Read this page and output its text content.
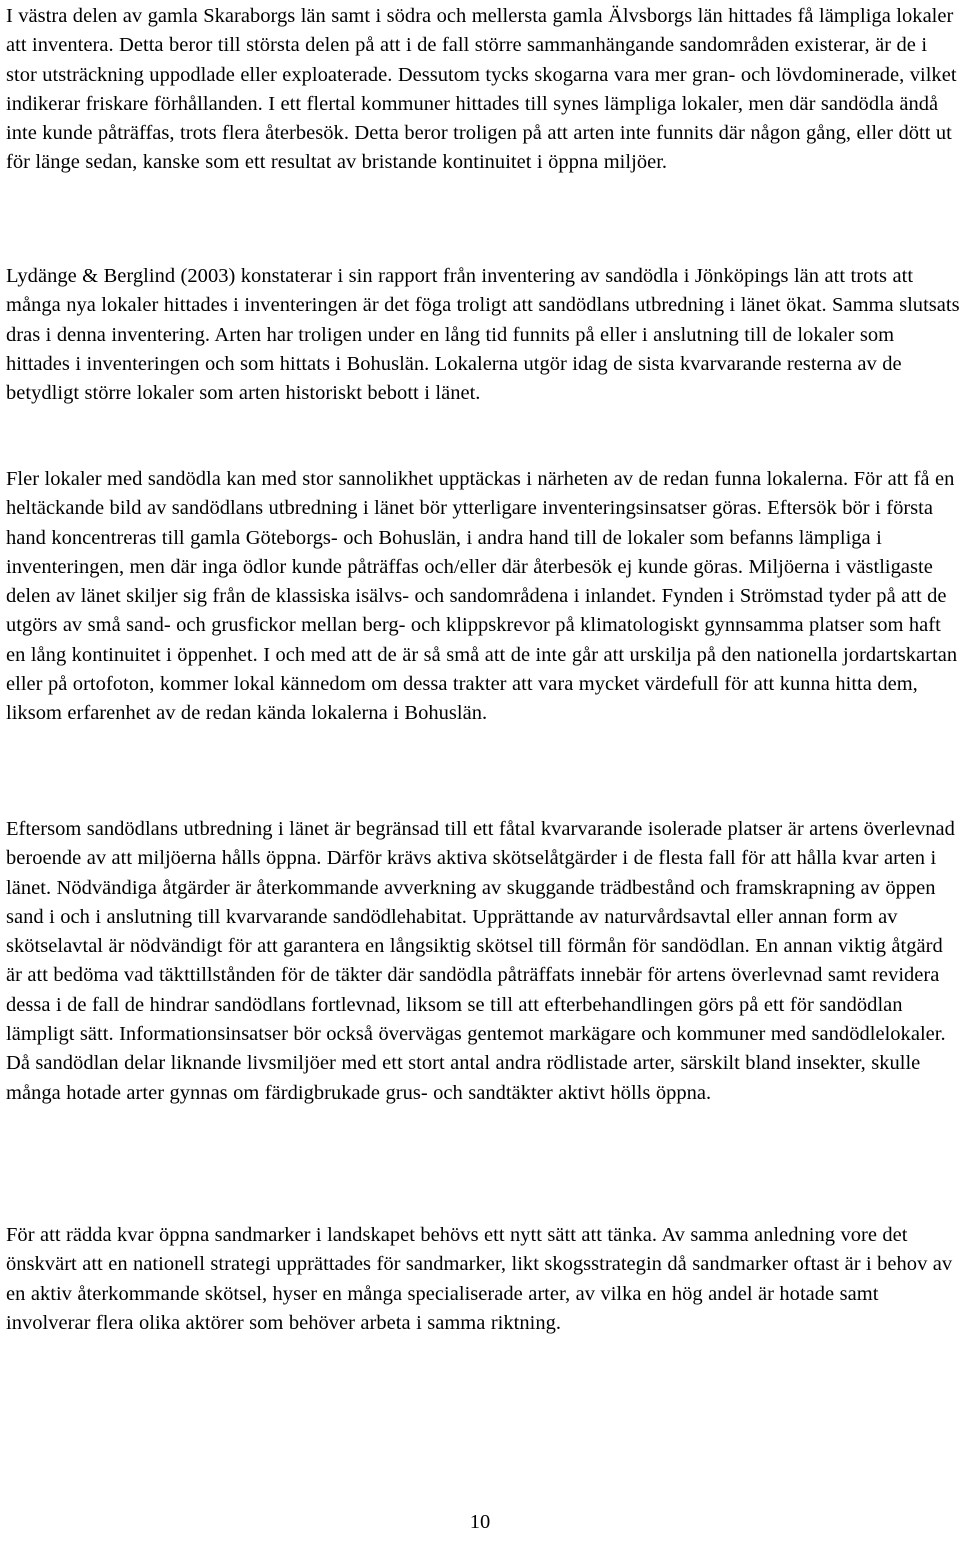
I västra delen av gamla Skaraborgs län samt i södra och mellersta gamla Älvsborgs län hittades få lämpliga lokaler att inventera. Detta beror till största delen på att i de fall större sammanhängande sandområden existerar, är de i stor utsträckning uppodlade eller exploaterade. Dessutom tycks skogarna vara mer gran- och lövdominerade, vilket indikerar friskare förhållanden. I ett flertal kommuner hittades till synes lämpliga lokaler, men där sandödla ändå inte kunde påträffas, trots flera återbesök. Detta beror troligen på att arten inte funnits där någon gång, eller dött ut för länge sedan, kanske som ett resultat av bristande kontinuitet i öppna miljöer.

Lydänge & Berglind (2003) konstaterar i sin rapport från inventering av sandödla i Jönköpings län att trots att många nya lokaler hittades i inventeringen är det föga troligt att sandödlans utbredning i länet ökat. Samma slutsats dras i denna inventering. Arten har troligen under en lång tid funnits på eller i anslutning till de lokaler som hittades i inventeringen och som hittats i Bohuslän. Lokalerna utgör idag de sista kvarvarande resterna av de betydligt större lokaler som arten historiskt bebott i länet.

Fler lokaler med sandödla kan med stor sannolikhet upptäckas i närheten av de redan funna lokalerna. För att få en heltäckande bild av sandödlans utbredning i länet bör ytterligare inventeringsinsatser göras. Eftersök bör i första hand koncentreras till gamla Göteborgs- och Bohuslän, i andra hand till de lokaler som befanns lämpliga i inventeringen, men där inga ödlor kunde påträffas och/eller där återbesök ej kunde göras. Miljöerna i västligaste delen av länet skiljer sig från de klassiska isälvs- och sandområdena i inlandet. Fynden i Strömstad tyder på att de utgörs av små sand- och grusfickor mellan berg- och klippskrevor på klimatologiskt gynnsamma platser som haft en lång kontinuitet i öppenhet. I och med att de är så små att de inte går att urskilja på den nationella jordartskartan eller på ortofoton, kommer lokal kännedom om dessa trakter att vara mycket värdefull för att kunna hitta dem, liksom erfarenhet av de redan kända lokalerna i Bohuslän.

Eftersom sandödlans utbredning i länet är begränsad till ett fåtal kvarvarande isolerade platser är artens överlevnad beroende av att miljöerna hålls öppna. Därför krävs aktiva skötselåtgärder i de flesta fall för att hålla kvar arten i länet. Nödvändiga åtgärder är återkommande avverkning av skuggande trädbestånd och framskrapning av öppen sand i och i anslutning till kvarvarande sandödlehabitat. Upprättande av naturvårdsavtal eller annan form av skötselavtal är nödvändigt för att garantera en långsiktig skötsel till förmån för sandödlan. En annan viktig åtgärd är att bedöma vad täkttillstånden för de täkter där sandödla påträffats innebär för artens överlevnad samt revidera dessa i de fall de hindrar sandödlans fortlevnad, liksom se till att efterbehandlingen görs på ett för sandödlan lämpligt sätt. Informationsinsatser bör också övervägas gentemot markägare och kommuner med sandödlelokaler. Då sandödlan delar liknande livsmiljöer med ett stort antal andra rödlistade arter, särskilt bland insekter, skulle många hotade arter gynnas om färdigbrukade grus- och sandtäkter aktivt hölls öppna.

För att rädda kvar öppna sandmarker i landskapet behövs ett nytt sätt att tänka. Av samma anledning vore det önskvärt att en nationell strategi upprättades för sandmarker, likt skogsstrategin då sandmarker oftast är i behov av en aktiv återkommande skötsel, hyser en många specialiserade arter, av vilka en hög andel är hotade samt involverar flera olika aktörer som behöver arbeta i samma riktning.

10
